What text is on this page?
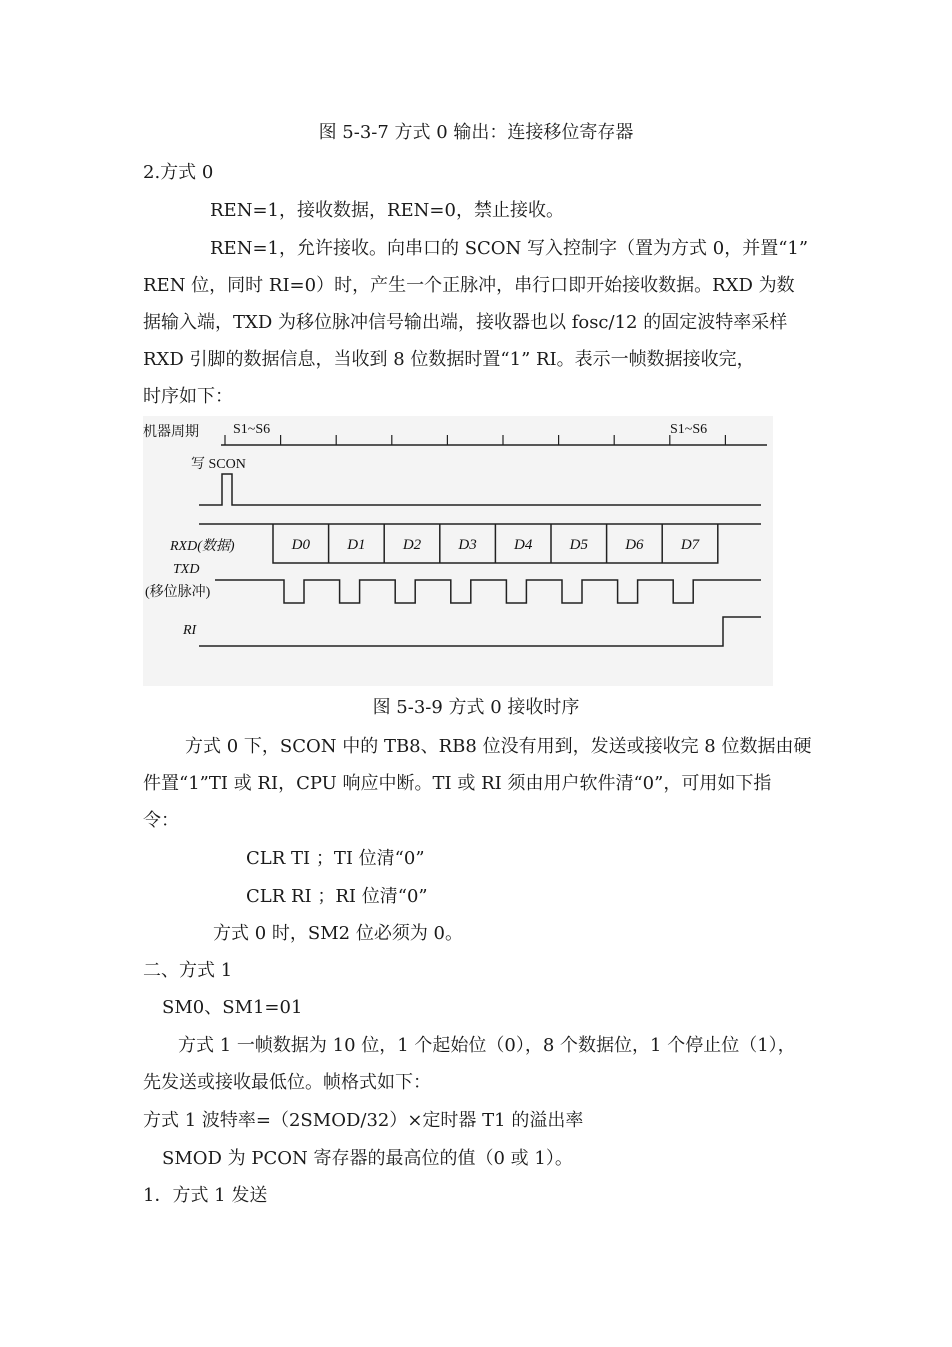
图 5-3-7 方式 0 输出：连接移位寄存器
2.方式 0
REN=1，接收数据，REN=0，禁止接收。
REN=1，允许接收。向串口的 SCON 写入控制字（置为方式 0，并置“1”
REN 位，同时 RI=0）时，产生一个正脉冲，串行口即开始接收数据。RXD 为数
据输入端，TXD 为移位脉冲信号输出端，接收器也以 fosc/12 的固定波特率采样
RXD 引脚的数据信息，当收到 8 位数据时置“1” RI。表示一帧数据接收完，
时序如下：
机器周期 S1~S6	S1~S6
写 SCON
RXD(数据)	D0 D1 D2 D3 D4 D5 D6 D7
TXD
(移位脉冲)
RI
图 5-3-9 方式 0 接收时序
方式 0 下，SCON 中的 TB8、RB8 位没有用到，发送或接收完 8 位数据由硬
件置“1”TI 或 RI，CPU 响应中断。TI 或 RI 须由用户软件清“0”，可用如下指
令：
CLR TI ；TI 位清“0”
CLR RI ；RI 位清“0”
方式 0 时，SM2 位必须为 0。
二、方式 1
SM0、SM1=01
方式 1 一帧数据为 10 位，1 个起始位（0），8 个数据位，1 个停止位（1），
先发送或接收最低位。帧格式如下：
方式 1 波特率=（2SMOD/32）×定时器 T1 的溢出率
SMOD 为 PCON 寄存器的最高位的值（0 或 1）。
1．方式 1 发送
